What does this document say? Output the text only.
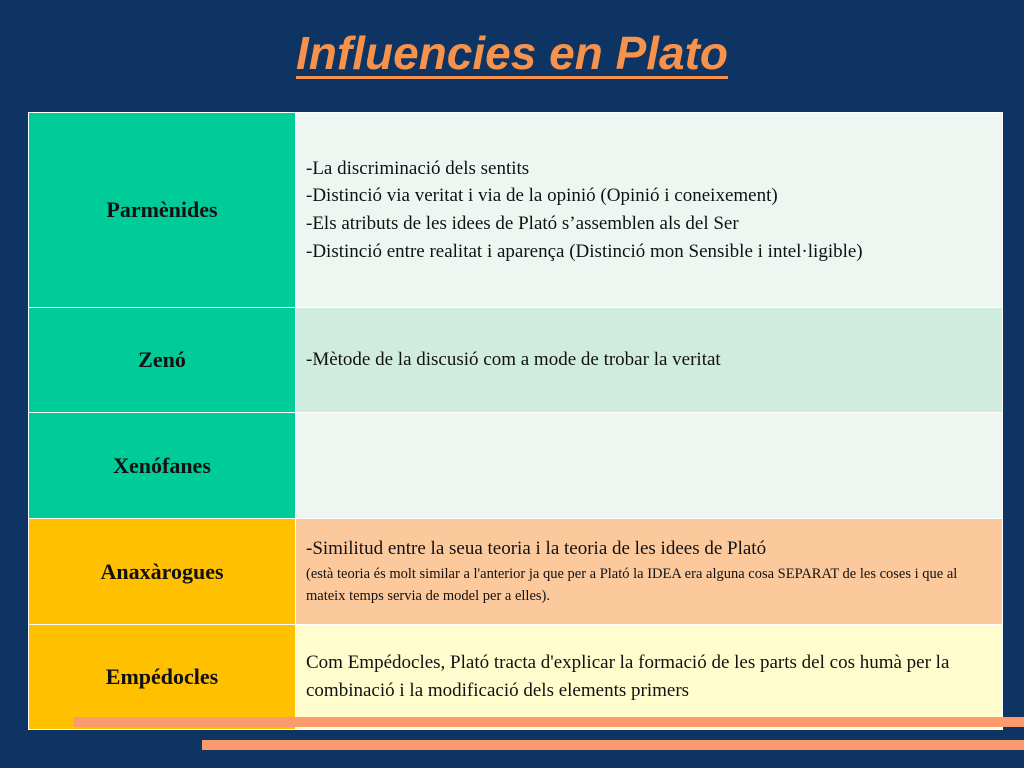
Influencies en Plato
Parmènides	-La discriminació dels sentits
-Distinció via veritat i via de la opinió (Opinió i coneixement)
-Els atributs de les idees de Plató s’assemblen als del Ser
-Distinció entre realitat i aparença (Distinció mon Sensible i intel·ligible)

Zenó	-Mètode de la discusió com a mode de trobar la veritat

Xenófanes	
Anaxàrogues	-Similitud entre la seua teoria i la teoria de les idees de Plató
(està teoria és molt similar a l'anterior ja que per a Plató la IDEA era alguna cosa SEPARAT de les coses i que al mateix temps servia de model per a elles).

Empédocles	Com Empédocles, Plató tracta d'explicar la formació de les parts del cos humà per la combinació i la modificació dels elements primers
